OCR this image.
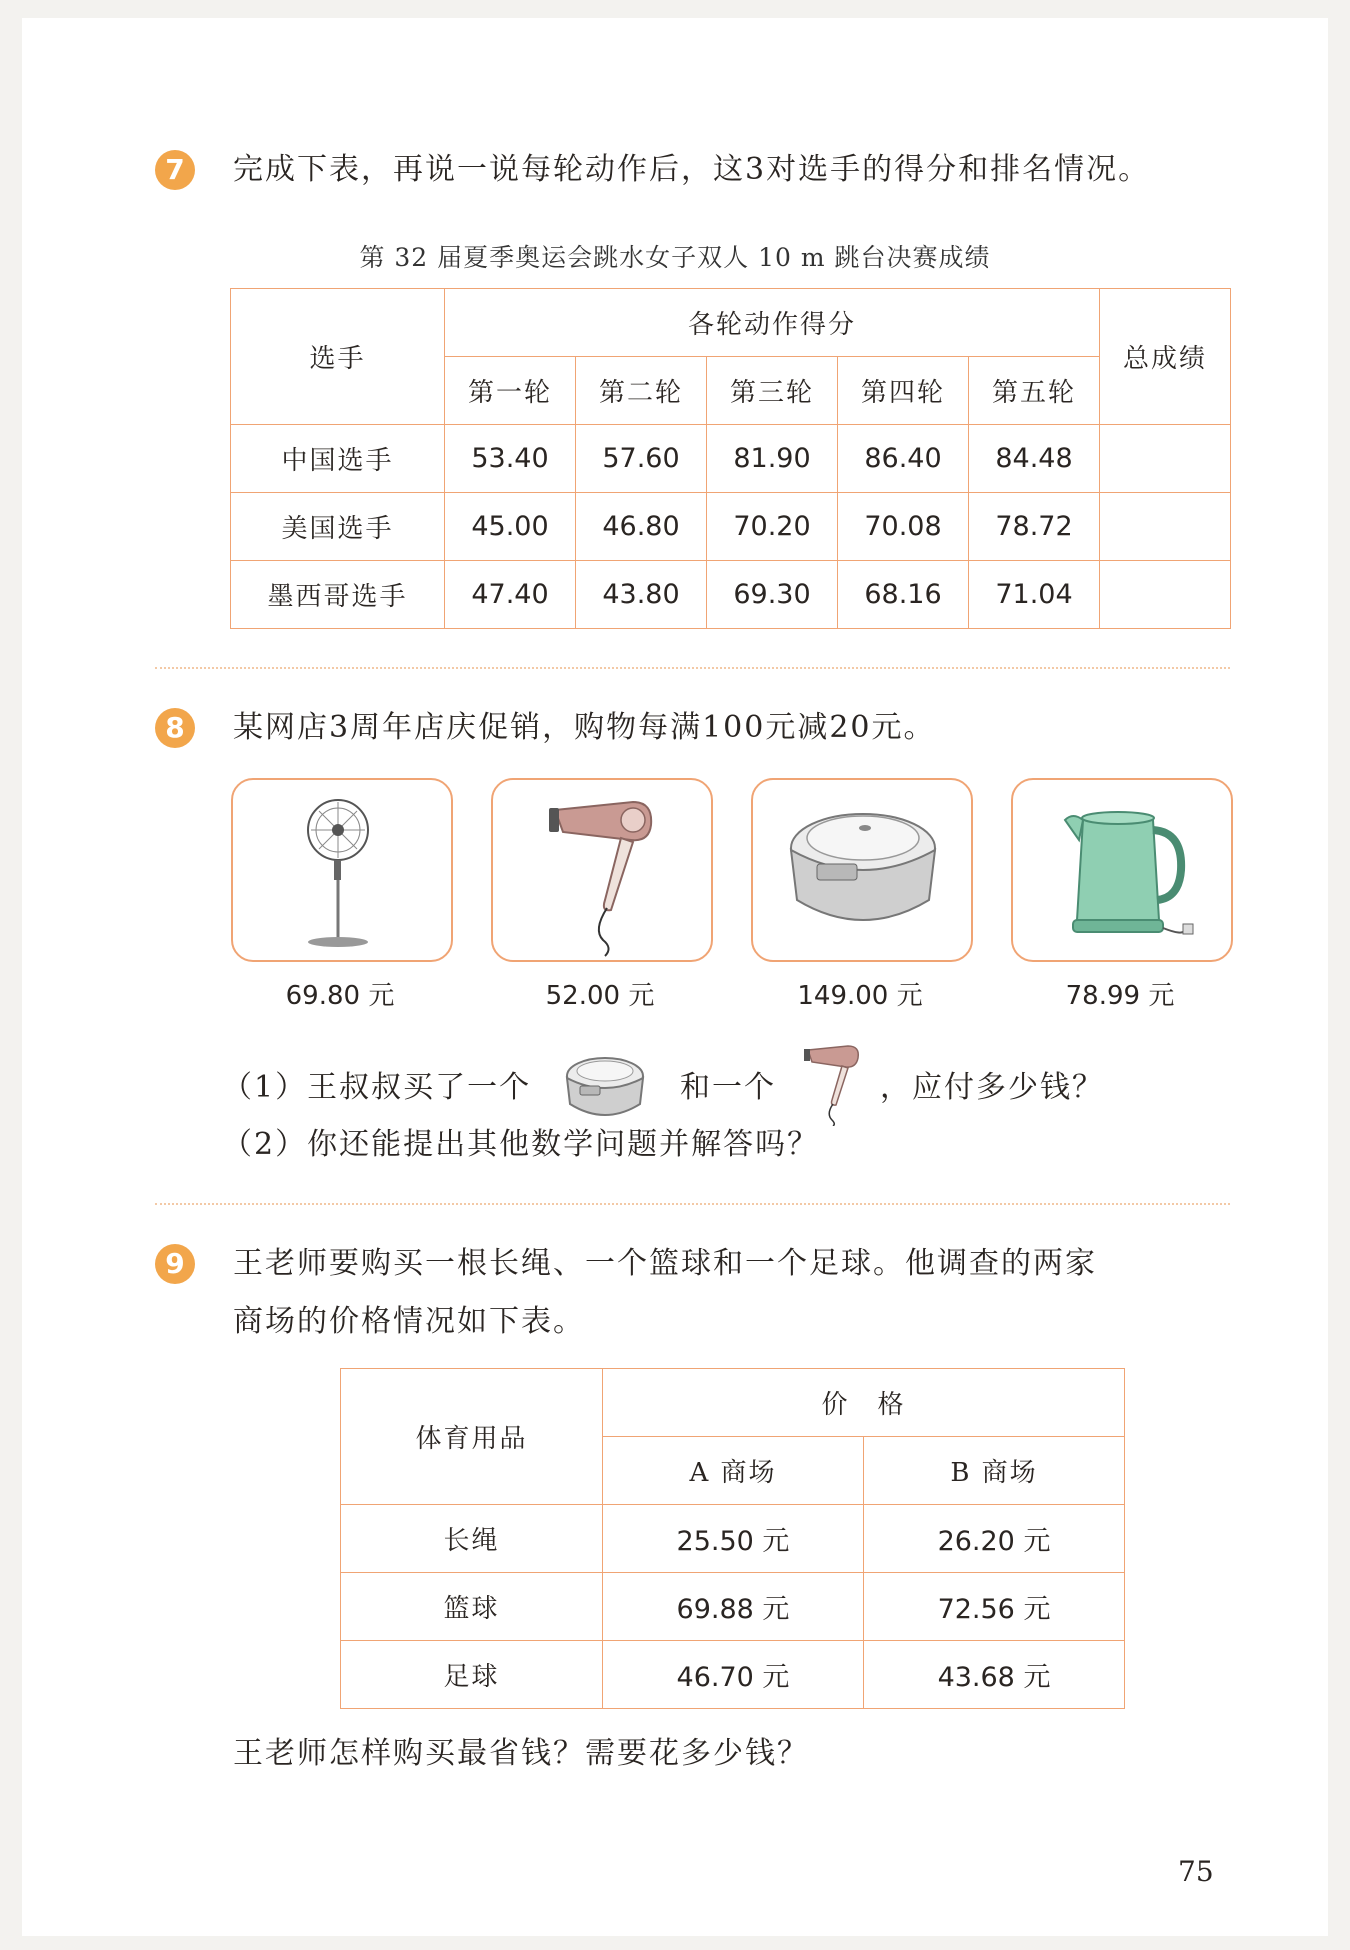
7	完成下表，再说一说每轮动作后，这3对选手的得分和排名情况。
第 32 届夏季奥运会跳水女子双人 10 m 跳台决赛成绩
选手	各轮动作得分					总成绩
	第一轮	第二轮	第三轮	第四轮	第五轮	
中国选手	53.40	57.60	81.90	86.40	84.48	
美国选手	45.00	46.80	70.20	70.08	78.72	
墨西哥选手	47.40	43.80	69.30	68.16	71.04	
8	某网店3周年店庆促销，购物每满100元减20元。
69.80 元	52.00 元	149.00 元	78.99 元
（1）王叔叔买了一个	和一个	，应付多少钱？
（2）你还能提出其他数学问题并解答吗？
9	王老师要购买一根长绳、一个篮球和一个足球。他调查的两家
商场的价格情况如下表。
体育用品	价　格	
	A 商场	B 商场
长绳	25.50 元	26.20 元
篮球	69.88 元	72.56 元
足球	46.70 元	43.68 元
王老师怎样购买最省钱？需要花多少钱？
75
